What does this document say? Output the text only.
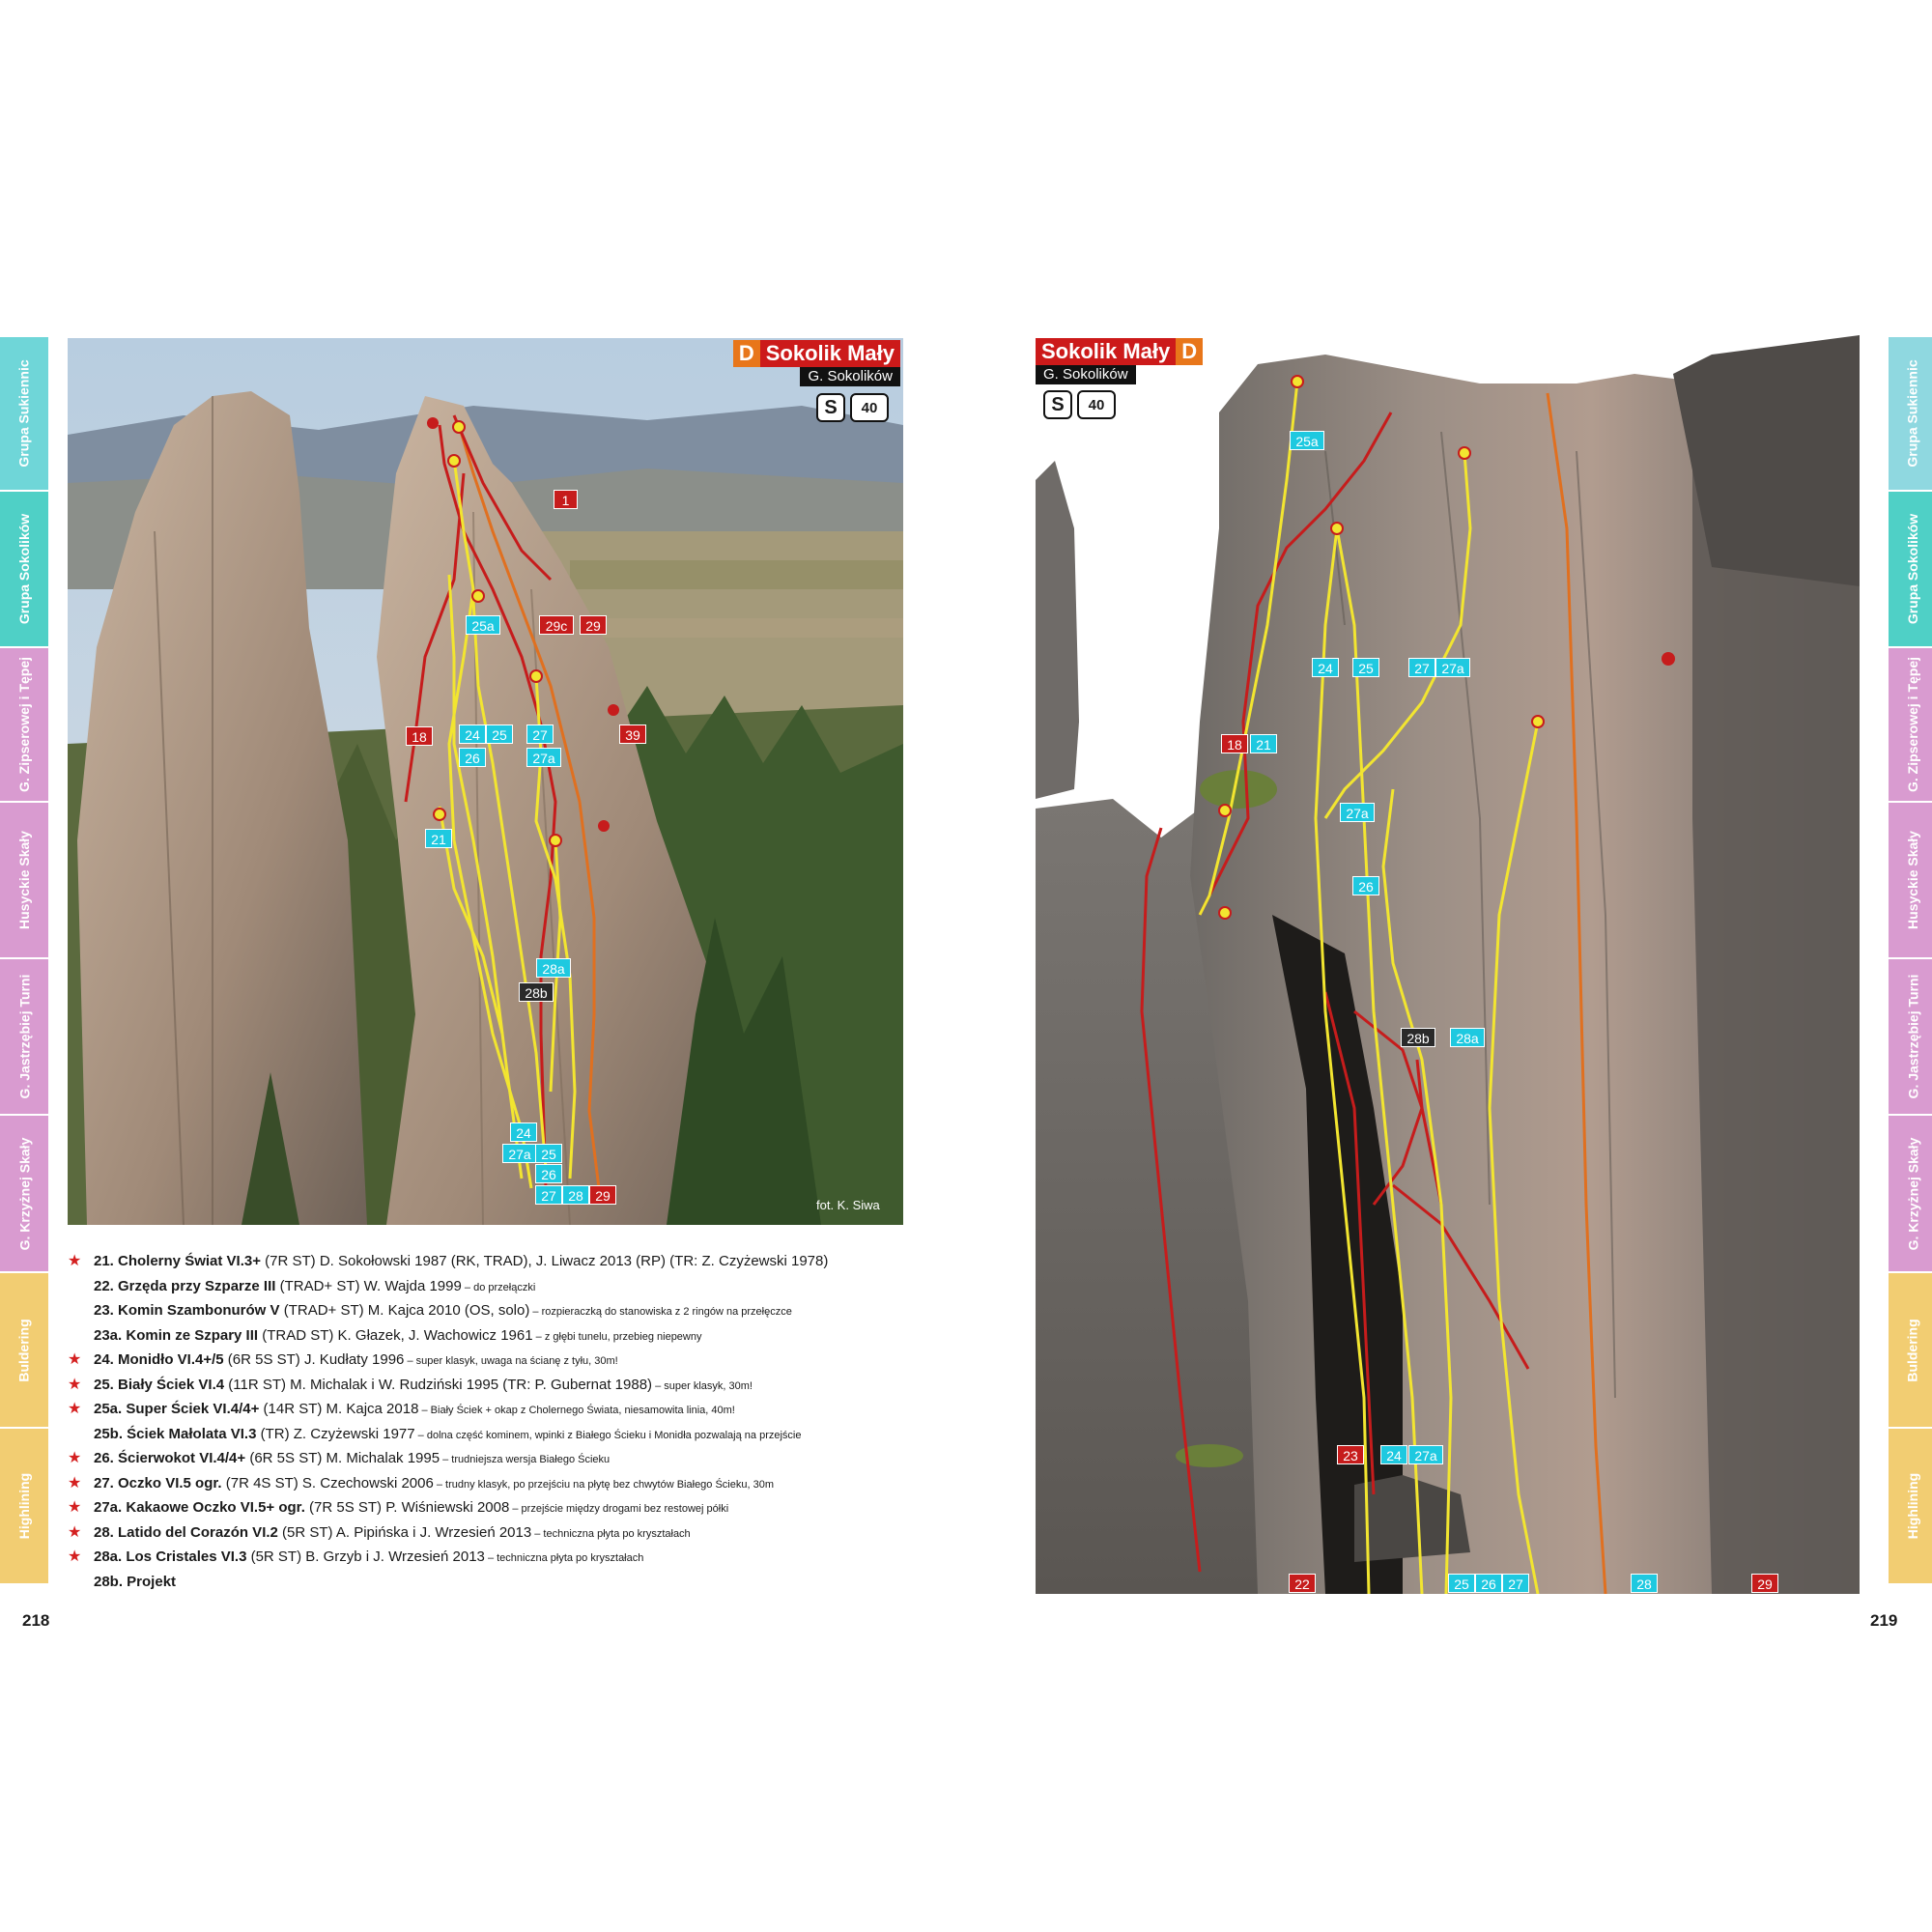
Grupa Sukiennic
Grupa Sokolików
G. Zipserowej i Tępej
Husyckie Skały
G. Jastrzębiej Turni
G. Krzyżnej Skały
Buldering
Highlining
Grupa Sukiennic
Grupa Sokolików
G. Zipserowej i Tępej
Husyckie Skały
G. Jastrzębiej Turni
G. Krzyżnej Skały
Buldering
Highlining
1
29c	29
25a
18	24 25	27
26	27a
39
21
28a
28b
24
27a 25
26
27 28 29
D Sokolik Mały
G. Sokolików
S 40
fot. K. Siwa
25a
24	25	27 27a
18	21
27a
26
28b	28a
23	24 27a
22	25 26 27	28	29
Sokolik Mały D
G. Sokolików
S 40
★ 21. Cholerny Świat VI.3+ (7R ST) D. Sokołowski 1987 (RK, TRAD), J. Liwacz 2013 (RP) (TR: Z. Czyżewski 1978)
22. Grzęda przy Szparze III (TRAD+ ST) W. Wajda 1999 – do przełączki
23. Komin Szambonurów V (TRAD+ ST) M. Kajca 2010 (OS, solo) – rozpieraczką do stanowiska z 2 ringów na przełęczce
23a. Komin ze Szpary III (TRAD ST) K. Głazek, J. Wachowicz 1961 – z głębi tunelu, przebieg niepewny
★ 24. Monidło VI.4+/5 (6R 5S ST) J. Kudłaty 1996 – super klasyk, uwaga na ścianę z tyłu, 30m!
★ 25. Biały Ściek VI.4 (11R ST) M. Michalak i W. Rudziński 1995 (TR: P. Gubernat 1988) – super klasyk, 30m!
★ 25a. Super Ściek VI.4/4+ (14R ST) M. Kajca 2018 – Biały Ściek + okap z Cholernego Świata, niesamowita linia, 40m!
25b. Ściek Małolata VI.3 (TR) Z. Czyżewski 1977 – dolna część kominem, wpinki z Białego Ścieku i Monidła pozwalają na przejście
★ 26. Ścierwokot VI.4/4+ (6R 5S ST) M. Michalak 1995 – trudniejsza wersja Białego Ścieku
★ 27. Oczko VI.5 ogr. (7R 4S ST) S. Czechowski 2006 – trudny klasyk, po przejściu na płytę bez chwytów Białego Ścieku, 30m
★ 27a. Kakaowe Oczko VI.5+ ogr. (7R 5S ST) P. Wiśniewski 2008 – przejście między drogami bez restowej półki
★ 28. Latido del Corazón VI.2 (5R ST) A. Pipińska i J. Wrzesień 2013 – techniczna płyta po kryształach
★ 28a. Los Cristales VI.3 (5R ST) B. Grzyb i J. Wrzesień 2013 – techniczna płyta po kryształach
28b. Projekt
218	219
